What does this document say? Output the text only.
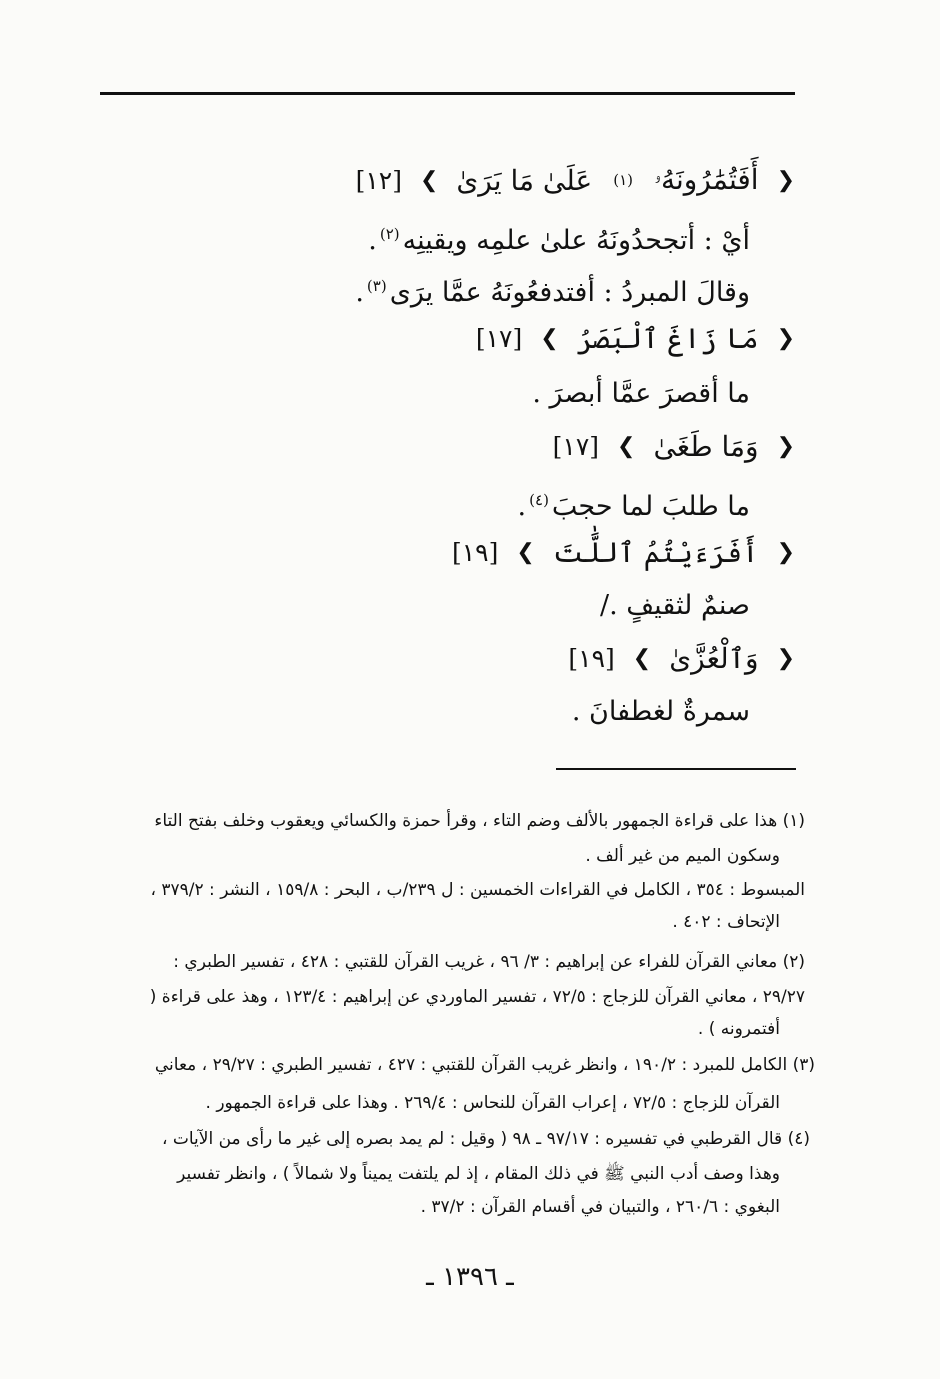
❮
أَفَتُمَٰرُونَهُۥ
(١)
عَلَىٰ مَا يَرَىٰ
❯
[١٢]
أيْ : أتجحدُونَهُ علىٰ علمِه ويقينِه$^{(٢)}$.
وقالَ المبردُ : أفتدفعُونَهُ عمَّا يرَى$^{(٣)}$.
❮
مَا زَاغَ ٱلْبَصَرُ
❯
[١٧]
ما أقصرَ عمَّا أبصرَ .
❮
وَمَا طَغَىٰ
❯
[١٧]
ما طلبَ لما حجبَ$^{(٤)}$.
❮
أَفَرَءَيْتُمُ ٱللَّٰتَ
❯
[١٩]
صنمٌ لثقيفٍ ./
❮
وَٱلْعُزَّىٰ
❯
[١٩]
سمرةٌ لغطفانَ .
(١) هذا على قراءة الجمهور بالألف وضم التاء ، وقرأ حمزة والكسائي ويعقوب وخلف بفتح التاء
وسكون الميم من غير ألف .
المبسوط : ٣٥٤ ، الكامل في القراءات الخمسين : ل ٢٣٩/ب ، البحر : ١٥٩/٨ ، النشر : ٣٧٩/٢ ،
الإتحاف : ٤٠٢ .
(٢) معاني القرآن للفراء عن إبراهيم : ٣/ ٩٦ ، غريب القرآن للقتبي : ٤٢٨ ، تفسير الطبري :
٢٩/٢٧ ، معاني القرآن للزجاج : ٧٢/٥ ، تفسير الماوردي عن إبراهيم : ١٢٣/٤ ، وهذ على قراءة (
أفتمرونه ) .
(٣) الكامل للمبرد : ١٩٠/٢ ، وانظر غريب القرآن للقتبي : ٤٢٧ ، تفسير الطبري : ٢٩/٢٧ ، معاني
القرآن للزجاج : ٧٢/٥ ، إعراب القرآن للنحاس : ٢٦٩/٤ . وهذا على قراءة الجمهور .
(٤) قال القرطبي في تفسيره : ٩٧/١٧ ـ ٩٨ ( وقيل : لم يمد بصره إلى غير ما رأى من الآيات ،
وهذا وصف أدب النبي ﷺ في ذلك المقام ، إذ لم يلتفت يميناً ولا شمالاً ) ، وانظر تفسير
البغوي : ٢٦٠/٦ ، والتبيان في أقسام القرآن : ٣٧/٢ .
ـ ١٣٩٦ ـ
